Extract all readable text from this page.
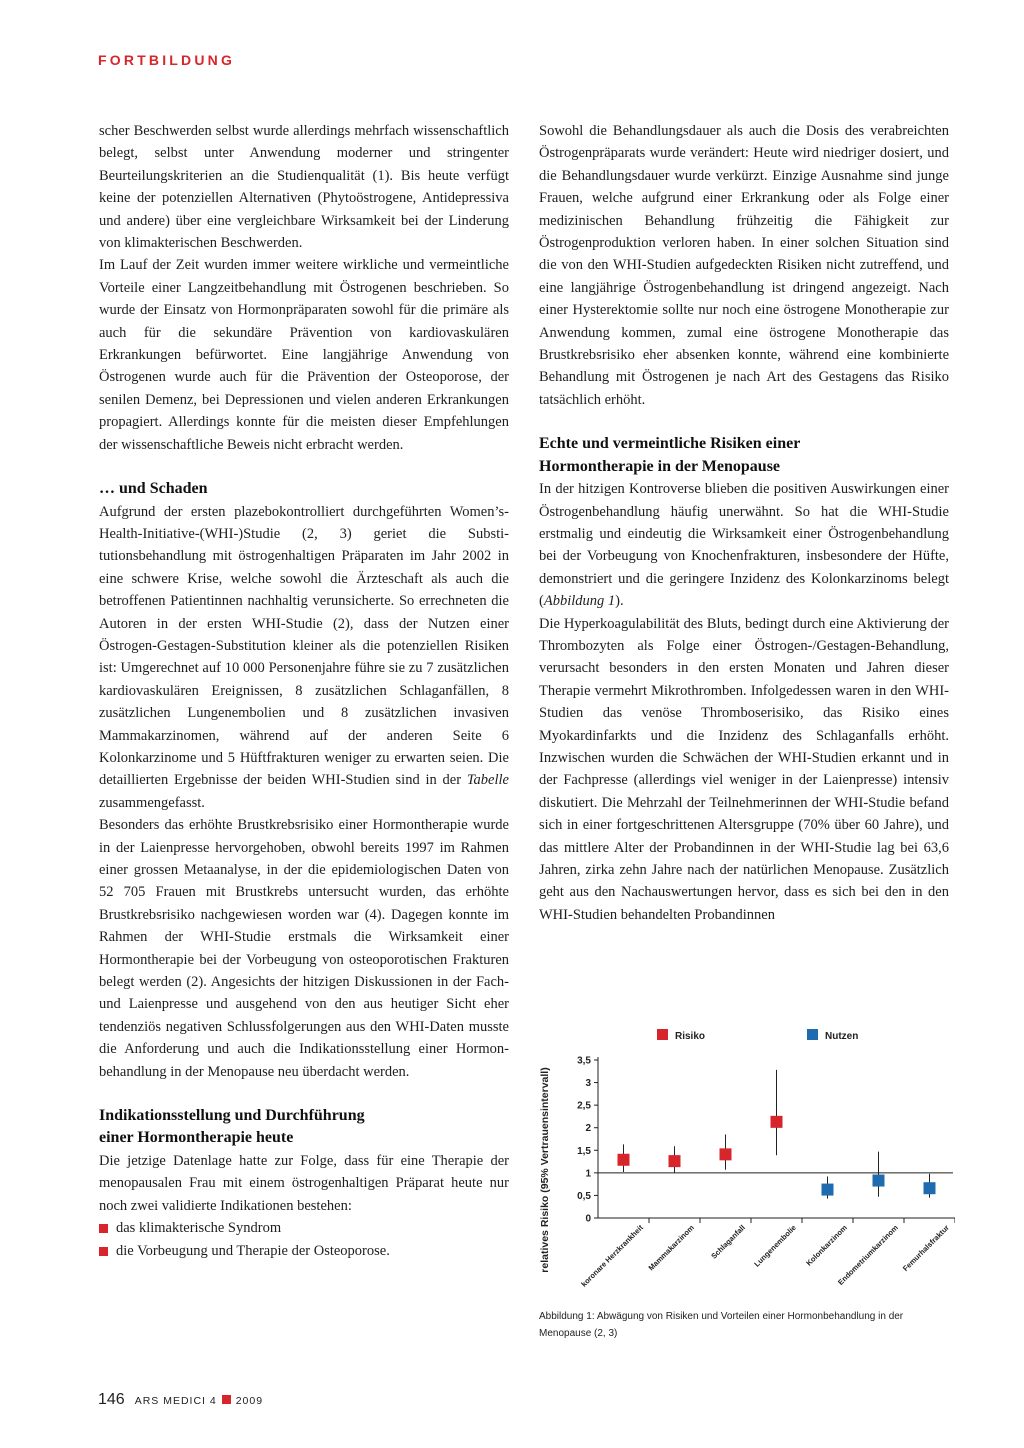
FORTBILDUNG

scher Beschwerden selbst wurde allerdings mehrfach wissenschaftlich belegt, selbst unter Anwendung moderner und stringenter Beurteilungskriterien an die Studienqualität (1). Bis heute verfügt keine der potenziellen Alternativen (Phytoöstrogene, Antidepressiva und andere) über eine vergleichbare Wirksamkeit bei der Linderung von klimakterischen Beschwerden.

Im Lauf der Zeit wurden immer weitere wirkliche und vermeintliche Vorteile einer Langzeitbehandlung mit Östrogenen beschrieben. So wurde der Einsatz von Hormonpräparaten sowohl für die primäre als auch für die sekundäre Prävention von kardiovaskulären Erkrankungen befürwortet. Eine langjährige Anwendung von Östrogenen wurde auch für die Prävention der Osteoporose, der senilen Demenz, bei Depressionen und vielen anderen Erkrankungen propagiert. Allerdings konnte für die meisten dieser Empfehlungen der wissenschaftliche Beweis nicht erbracht werden.

… und Schaden

Aufgrund der ersten plazebokontrolliert durchgeführten Women’s-Health-Initiative-(WHI-)Studie (2, 3) geriet die Substitutionsbehandlung mit östrogenhaltigen Präparaten im Jahr 2002 in eine schwere Krise, welche sowohl die Ärzteschaft als auch die betroffenen Patientinnen nachhaltig verunsicherte. So errechneten die Autoren in der ersten WHI-Studie (2), dass der Nutzen einer Östrogen-Gestagen-Substitution kleiner als die potenziellen Risiken ist: Umgerechnet auf 10 000 Personenjahre führe sie zu 7 zusätzlichen kardiovaskulären Ereignissen, 8 zusätzlichen Schlaganfällen, 8 zusätzlichen Lungenembolien und 8 zusätzlichen invasiven Mammakarzinomen, während auf der anderen Seite 6 Kolonkarzinome und 5 Hüftfrakturen weniger zu erwarten seien. Die detaillierten Ergebnisse der beiden WHI-Studien sind in der Tabelle zusammengefasst.

Besonders das erhöhte Brustkrebsrisiko einer Hormontherapie wurde in der Laienpresse hervorgehoben, obwohl bereits 1997 im Rahmen einer grossen Metaanalyse, in der die epidemiologischen Daten von 52 705 Frauen mit Brustkrebs untersucht wurden, das erhöhte Brustkrebsrisiko nachgewiesen worden war (4). Dagegen konnte im Rahmen der WHI-Studie erstmals die Wirksamkeit einer Hormontherapie bei der Vorbeugung von osteoporotischen Frakturen belegt werden (2). Angesichts der hitzigen Diskussionen in der Fach- und Laienpresse und ausgehend von den aus heutiger Sicht eher tendenziös negativen Schlussfolgerungen aus den WHI-Daten musste die Anforderung und auch die Indikationsstellung einer Hormonbehandlung in der Menopause neu überdacht werden.

Indikationsstellung und Durchführung
einer Hormontherapie heute

Die jetzige Datenlage hatte zur Folge, dass für eine Therapie der menopausalen Frau mit einem östrogenhaltigen Präparat heute nur noch zwei validierte Indikationen bestehen:

das klimakterische Syndrom
die Vorbeugung und Therapie der Osteoporose.

Sowohl die Behandlungsdauer als auch die Dosis des verabreichten Östrogenpräparats wurde verändert: Heute wird niedriger dosiert, und die Behandlungsdauer wurde verkürzt. Einzige Ausnahme sind junge Frauen, welche aufgrund einer Erkrankung oder als Folge einer medizinischen Behandlung frühzeitig die Fähigkeit zur Östrogenproduktion verloren haben. In einer solchen Situation sind die von den WHI-Studien aufgedeckten Risiken nicht zutreffend, und eine langjährige Östrogenbehandlung ist dringend angezeigt. Nach einer Hysterektomie sollte nur noch eine östrogene Monotherapie zur Anwendung kommen, zumal eine östrogene Monotherapie das Brustkrebsrisiko eher absenken konnte, während eine kombinierte Behandlung mit Östrogenen je nach Art des Gestagens das Risiko tatsächlich erhöht.

Echte und vermeintliche Risiken einer
Hormontherapie in der Menopause

In der hitzigen Kontroverse blieben die positiven Auswirkungen einer Östrogenbehandlung häufig unerwähnt. So hat die WHI-Studie erstmalig und eindeutig die Wirksamkeit einer Östrogenbehandlung bei der Vorbeugung von Knochenfrakturen, insbesondere der Hüfte, demonstriert und die geringere Inzidenz des Kolonkarzinoms belegt (Abbildung 1).

Die Hyperkoagulabilität des Bluts, bedingt durch eine Aktivierung der Thrombozyten als Folge einer Östrogen-/Gestagen-Behandlung, verursacht besonders in den ersten Monaten und Jahren dieser Therapie vermehrt Mikrothromben. Infolgedessen waren in den WHI-Studien das venöse Thromboserisiko, das Risiko eines Myokardinfarkts und die Inzidenz des Schlaganfalls erhöht. Inzwischen wurden die Schwächen der WHI-Studien erkannt und in der Fachpresse (allerdings viel weniger in der Laienpresse) intensiv diskutiert. Die Mehrzahl der Teilnehmerinnen der WHI-Studie befand sich in einer fortgeschrittenen Altersgruppe (70% über 60 Jahre), und das mittlere Alter der Probandinnen in der WHI-Studie lag bei 63,6 Jahren, zirka zehn Jahre nach der natürlichen Menopause. Zusätzlich geht aus den Nachauswertungen hervor, dass es sich bei den in den WHI-Studien behandelten Probandinnen

relatives Risiko (95% Vertrauensintervall)	0
0,5
1
1,5
2
2,5
3
3,5
koronare Herzkrankheit Mammakarzinom Schlaganfall Lungenembolie Kolonkarzinom
Endometriumkarzinom Femurhalsfraktur
Risiko	Nutzen
Abbildung 1: Abwägung von Risiken und Vorteilen einer Hormonbehandlung in der Menopause (2, 3)
146 ARS MEDICI 4 2009
